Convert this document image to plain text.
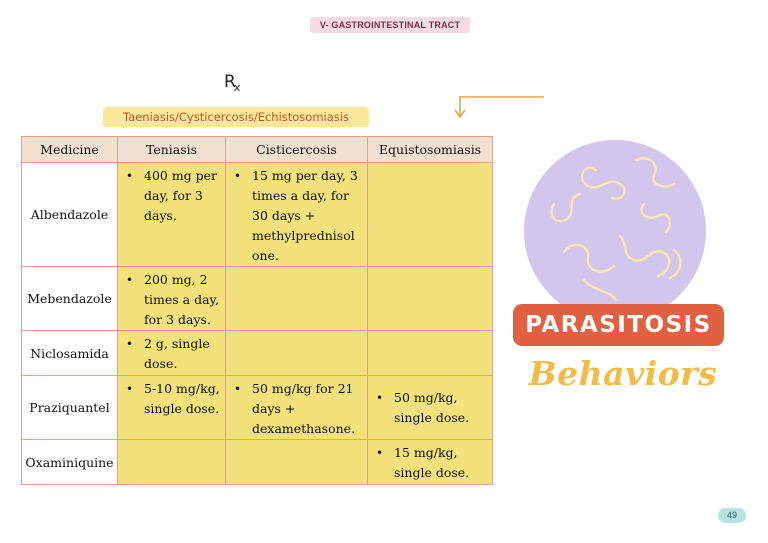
V- GASTROINTESTINAL TRACT
$R_x$
Taeniasis/Cysticercosis/Echistosomiasis
Medicine	Teniasis	Cisticercosis	Equistosomiasis
Albendazole	• 400 mg per day, for 3 days.	• 15 mg per day, 3 times a day, for 30 days + methylprednisol one.	

Mebendazole	• 200 mg, 2 times a day, for 3 days.		

Niclosamida	• 2 g, single dose.		

Praziquantel	• 5-10 mg/kg, single dose.	• 50 mg/kg for 21 days + dexamethasone.	• 50 mg/kg, single dose.

Oxaminiquine			• 15 mg/kg, single dose.
PARASITOSIS
Behaviors
49
